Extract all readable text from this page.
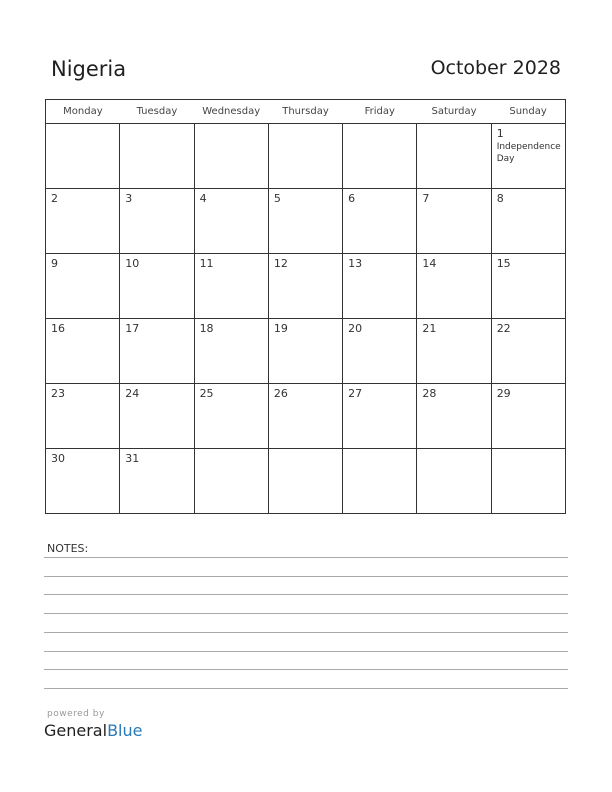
Nigeria	October 2028
Monday	Tuesday	Wednesday	Thursday	Friday	Saturday	Sunday

						1
Independence Day

2	3	4	5	6	7	8

9	10	11	12	13	14	15

16	17	18	19	20	21	22

23	24	25	26	27	28	29

30	31					

NOTES:
powered by
GeneralBlue
